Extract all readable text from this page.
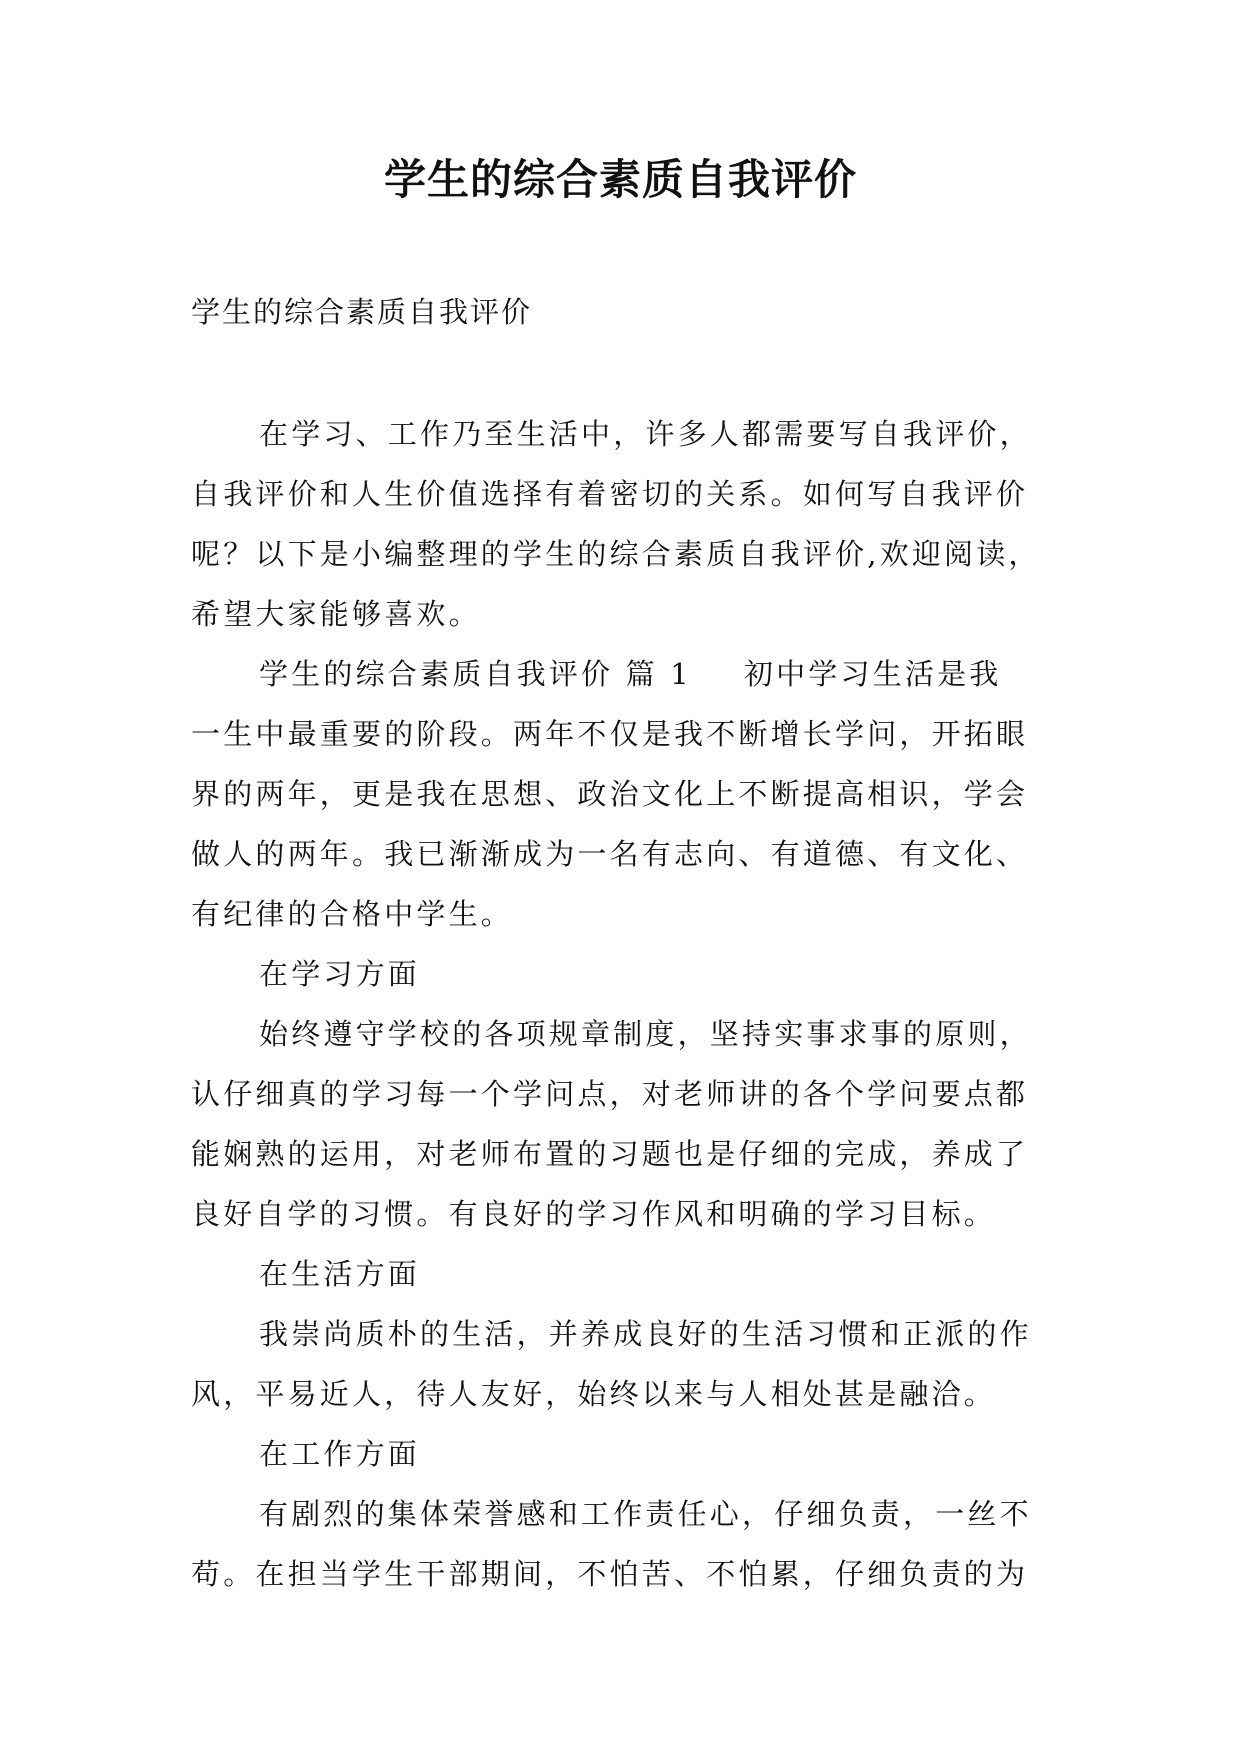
学生的综合素质自我评价

学生的综合素质自我评价

在学习、工作乃至生活中，许多人都需要写自我评价，
自我评价和人生价值选择有着密切的关系。如何写自我评价
呢？以下是小编整理的学生的综合素质自我评价,欢迎阅读，
希望大家能够喜欢。
学生的综合素质自我评价 篇 1 初中学习生活是我
一生中最重要的阶段。两年不仅是我不断增长学问，开拓眼
界的两年，更是我在思想、政治文化上不断提高相识，学会
做人的两年。我已渐渐成为一名有志向、有道德、有文化、
有纪律的合格中学生。
在学习方面
始终遵守学校的各项规章制度，坚持实事求事的原则，
认仔细真的学习每一个学问点，对老师讲的各个学问要点都
能娴熟的运用，对老师布置的习题也是仔细的完成，养成了
良好自学的习惯。有良好的学习作风和明确的学习目标。
在生活方面
我崇尚质朴的生活，并养成良好的生活习惯和正派的作
风，平易近人，待人友好，始终以来与人相处甚是融洽。
在工作方面
有剧烈的集体荣誉感和工作责任心，仔细负责，一丝不
苟。在担当学生干部期间，不怕苦、不怕累，仔细负责的为
